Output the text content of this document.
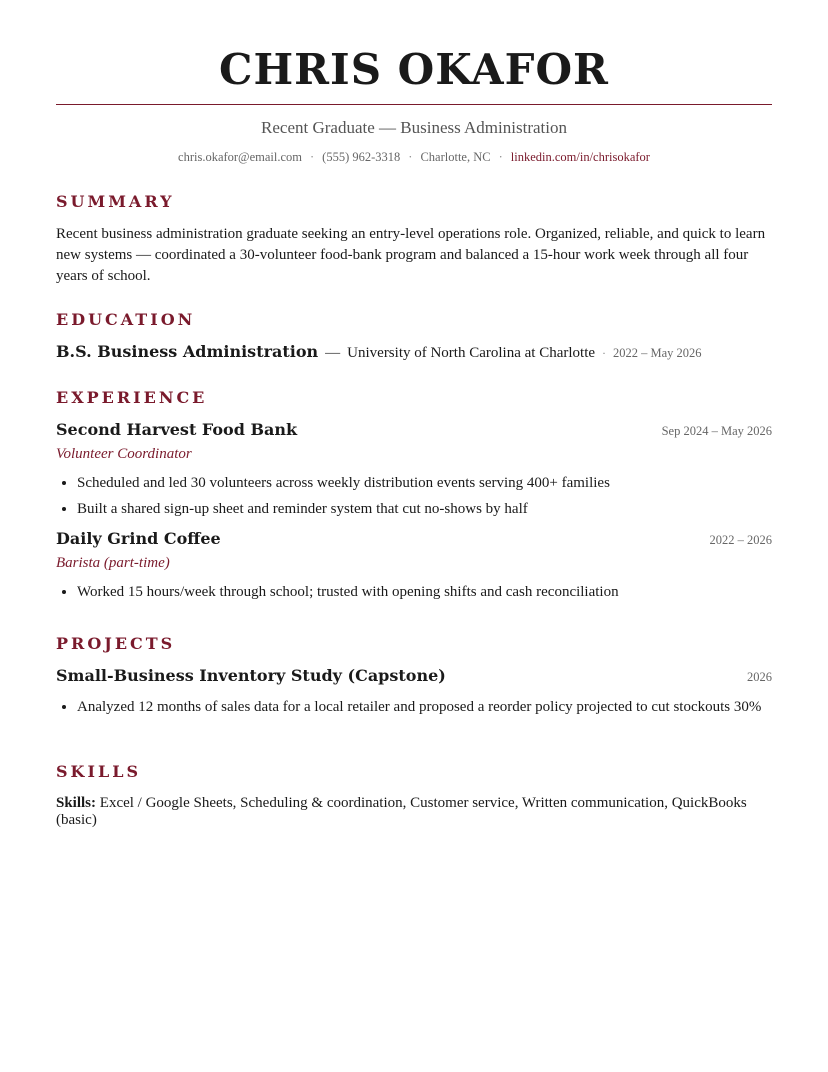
CHRIS OKAFOR
Recent Graduate — Business Administration
chris.okafor@email.com · (555) 962-3318 · Charlotte, NC · linkedin.com/in/chrisokafor
SUMMARY

Recent business administration graduate seeking an entry-level operations role. Organized, reliable, and quick to learn new systems — coordinated a 30-volunteer food-bank program and balanced a 15-hour work week through all four years of school.

EDUCATION
B.S. Business Administration — University of North Carolina at Charlotte · 2022 – May 2026
EXPERIENCE
Second Harvest Food Bank	Sep 2024 – May 2026
Volunteer Coordinator
• Scheduled and led 30 volunteers across weekly distribution events serving 400+ families
• Built a shared sign-up sheet and reminder system that cut no-shows by half
Daily Grind Coffee	2022 – 2026
Barista (part-time)
• Worked 15 hours/week through school; trusted with opening shifts and cash reconciliation
PROJECTS
Small-Business Inventory Study (Capstone)	2026
• Analyzed 12 months of sales data for a local retailer and proposed a reorder policy projected to cut stockouts 30%
SKILLS
Skills: Excel / Google Sheets, Scheduling & coordination, Customer service, Written communication, QuickBooks (basic)
